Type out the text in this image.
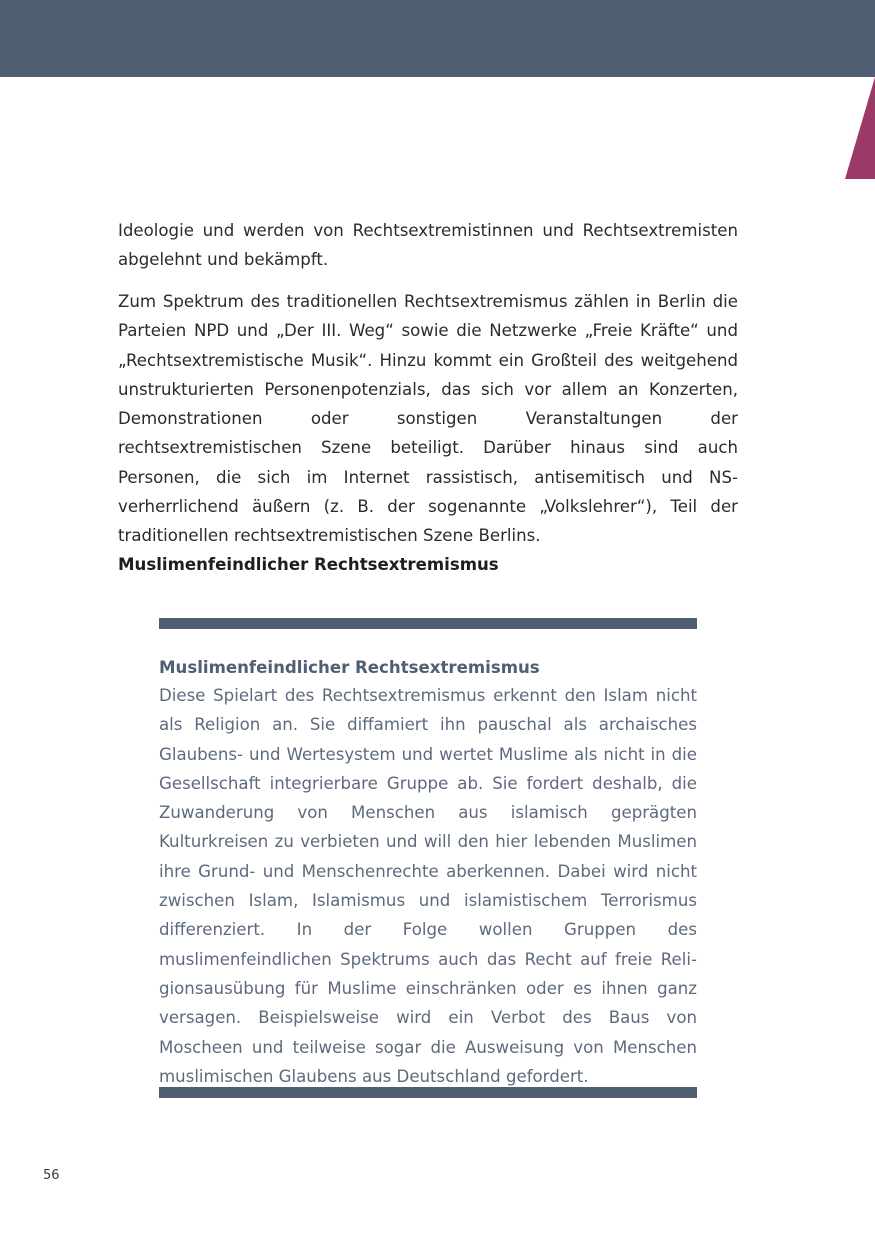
Ideologie und werden von Rechtsextremistinnen und Rechtsextremisten abgelehnt und bekämpft.

Zum Spektrum des traditionellen Rechtsextremismus zählen in Berlin die Parteien NPD und „Der III. Weg“ sowie die Netzwerke „Freie Kräfte“ und „Rechtsextremistische Musik“. Hinzu kommt ein Großteil des weitgehend unstrukturierten Personenpotenzials, das sich vor allem an Konzerten, Demonstrationen oder sonstigen Veranstaltungen der rechtsextremistischen Szene beteiligt. Darüber hinaus sind auch Personen, die sich im Internet rassistisch, antisemitisch und NS-verherrlichend äußern (z. B. der sogenannte „Volkslehrer“), Teil der traditionellen rechtsextremistischen Szene Berlins.

Muslimenfeindlicher Rechtsextremismus
Muslimenfeindlicher Rechtsextremismus

Diese Spielart des Rechtsextremismus erkennt den Islam nicht als Religion an. Sie diffamiert ihn pauschal als archaisches Glaubens- und Wertesystem und wertet Muslime als nicht in die Gesellschaft integrierbare Gruppe ab. Sie fordert deshalb, die Zuwanderung von Menschen aus islamisch geprägten Kulturkreisen zu verbieten und will den hier lebenden Muslimen ihre Grund- und Menschenrechte aberkennen. Dabei wird nicht zwischen Islam, Islamismus und islamistischem Terrorismus differenziert. In der Folge wollen Gruppen des muslimenfeindlichen Spektrums auch das Recht auf freie Religionsausübung für Muslime einschränken oder es ihnen ganz versagen. Beispielsweise wird ein Verbot des Baus von Moscheen und teilweise sogar die Ausweisung von Menschen muslimischen Glaubens aus Deutschland gefordert.

56
